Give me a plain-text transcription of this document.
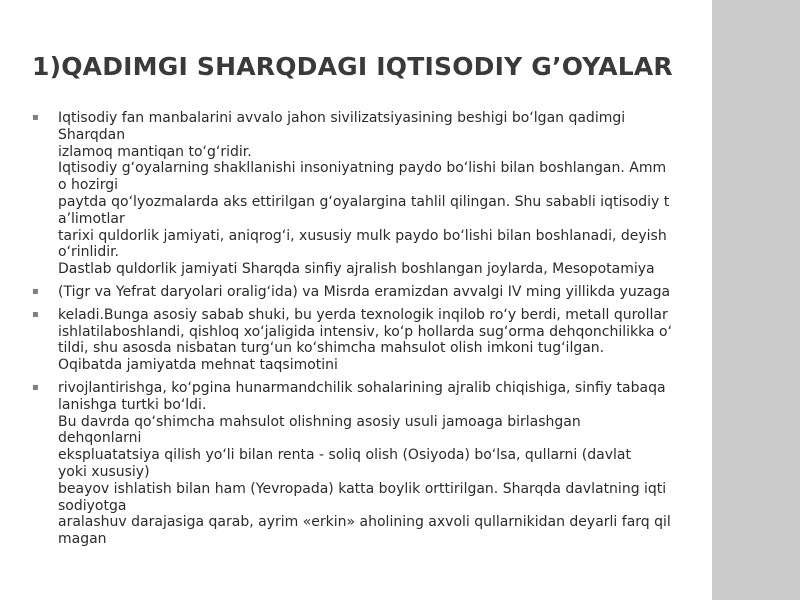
1)QADIMGI SHARQDAGI IQTISODIY G’OYALAR
▪ Iqtisodiy fan manbalarini avvalo jahon sivilizatsiyasining beshigi bo‘lgan qadimgi
Sharqdan
izlamoq mantiqan to‘g‘ridir.
Iqtisodiy g‘oyalarning shakllanishi insoniyatning paydo bo‘lishi bilan boshlangan. Amm
o hozirgi
paytda qo‘lyozmalarda aks ettirilgan g‘oyalargina tahlil qilingan. Shu sababli iqtisodiy t
a’limotlar
tarixi quldorlik jamiyati, aniqrog‘i, xususiy mulk paydo bo‘lishi bilan boshlanadi, deyish
o‘rinlidir.
Dastlab quldorlik jamiyati Sharqda sinfiy ajralish boshlangan joylarda, Mesopotamiya
▪ (Tigr va Yefrat daryolari oralig‘ida) va Misrda eramizdan avvalgi IV ming yillikda yuzaga
▪ keladi.Bunga asosiy sabab shuki, bu yerda texnologik inqilob ro‘y berdi, metall qurollar
ishlatilaboshlandi, qishloq xo‘jaligida intensiv, ko‘p hollarda sug‘orma dehqonchilikka o‘
tildi, shu asosda nisbatan turg‘un ko‘shimcha mahsulot olish imkoni tug‘ilgan.
Oqibatda jamiyatda mehnat taqsimotini
▪ rivojlantirishga, ko‘pgina hunarmandchilik sohalarining ajralib chiqishiga, sinfiy tabaqa
lanishga turtki bo‘ldi.
Bu davrda qo‘shimcha mahsulot olishning asosiy usuli jamoaga birlashgan
dehqonlarni
ekspluatatsiya qilish yo‘li bilan renta - soliq olish (Osiyoda) bo‘lsa, qullarni (davlat
yoki xususiy)
beayov ishlatish bilan ham (Yevropada) katta boylik orttirilgan. Sharqda davlatning iqti
sodiyotga
aralashuv darajasiga qarab, ayrim «erkin» aholining axvoli qullarnikidan deyarli farq qil
magan
